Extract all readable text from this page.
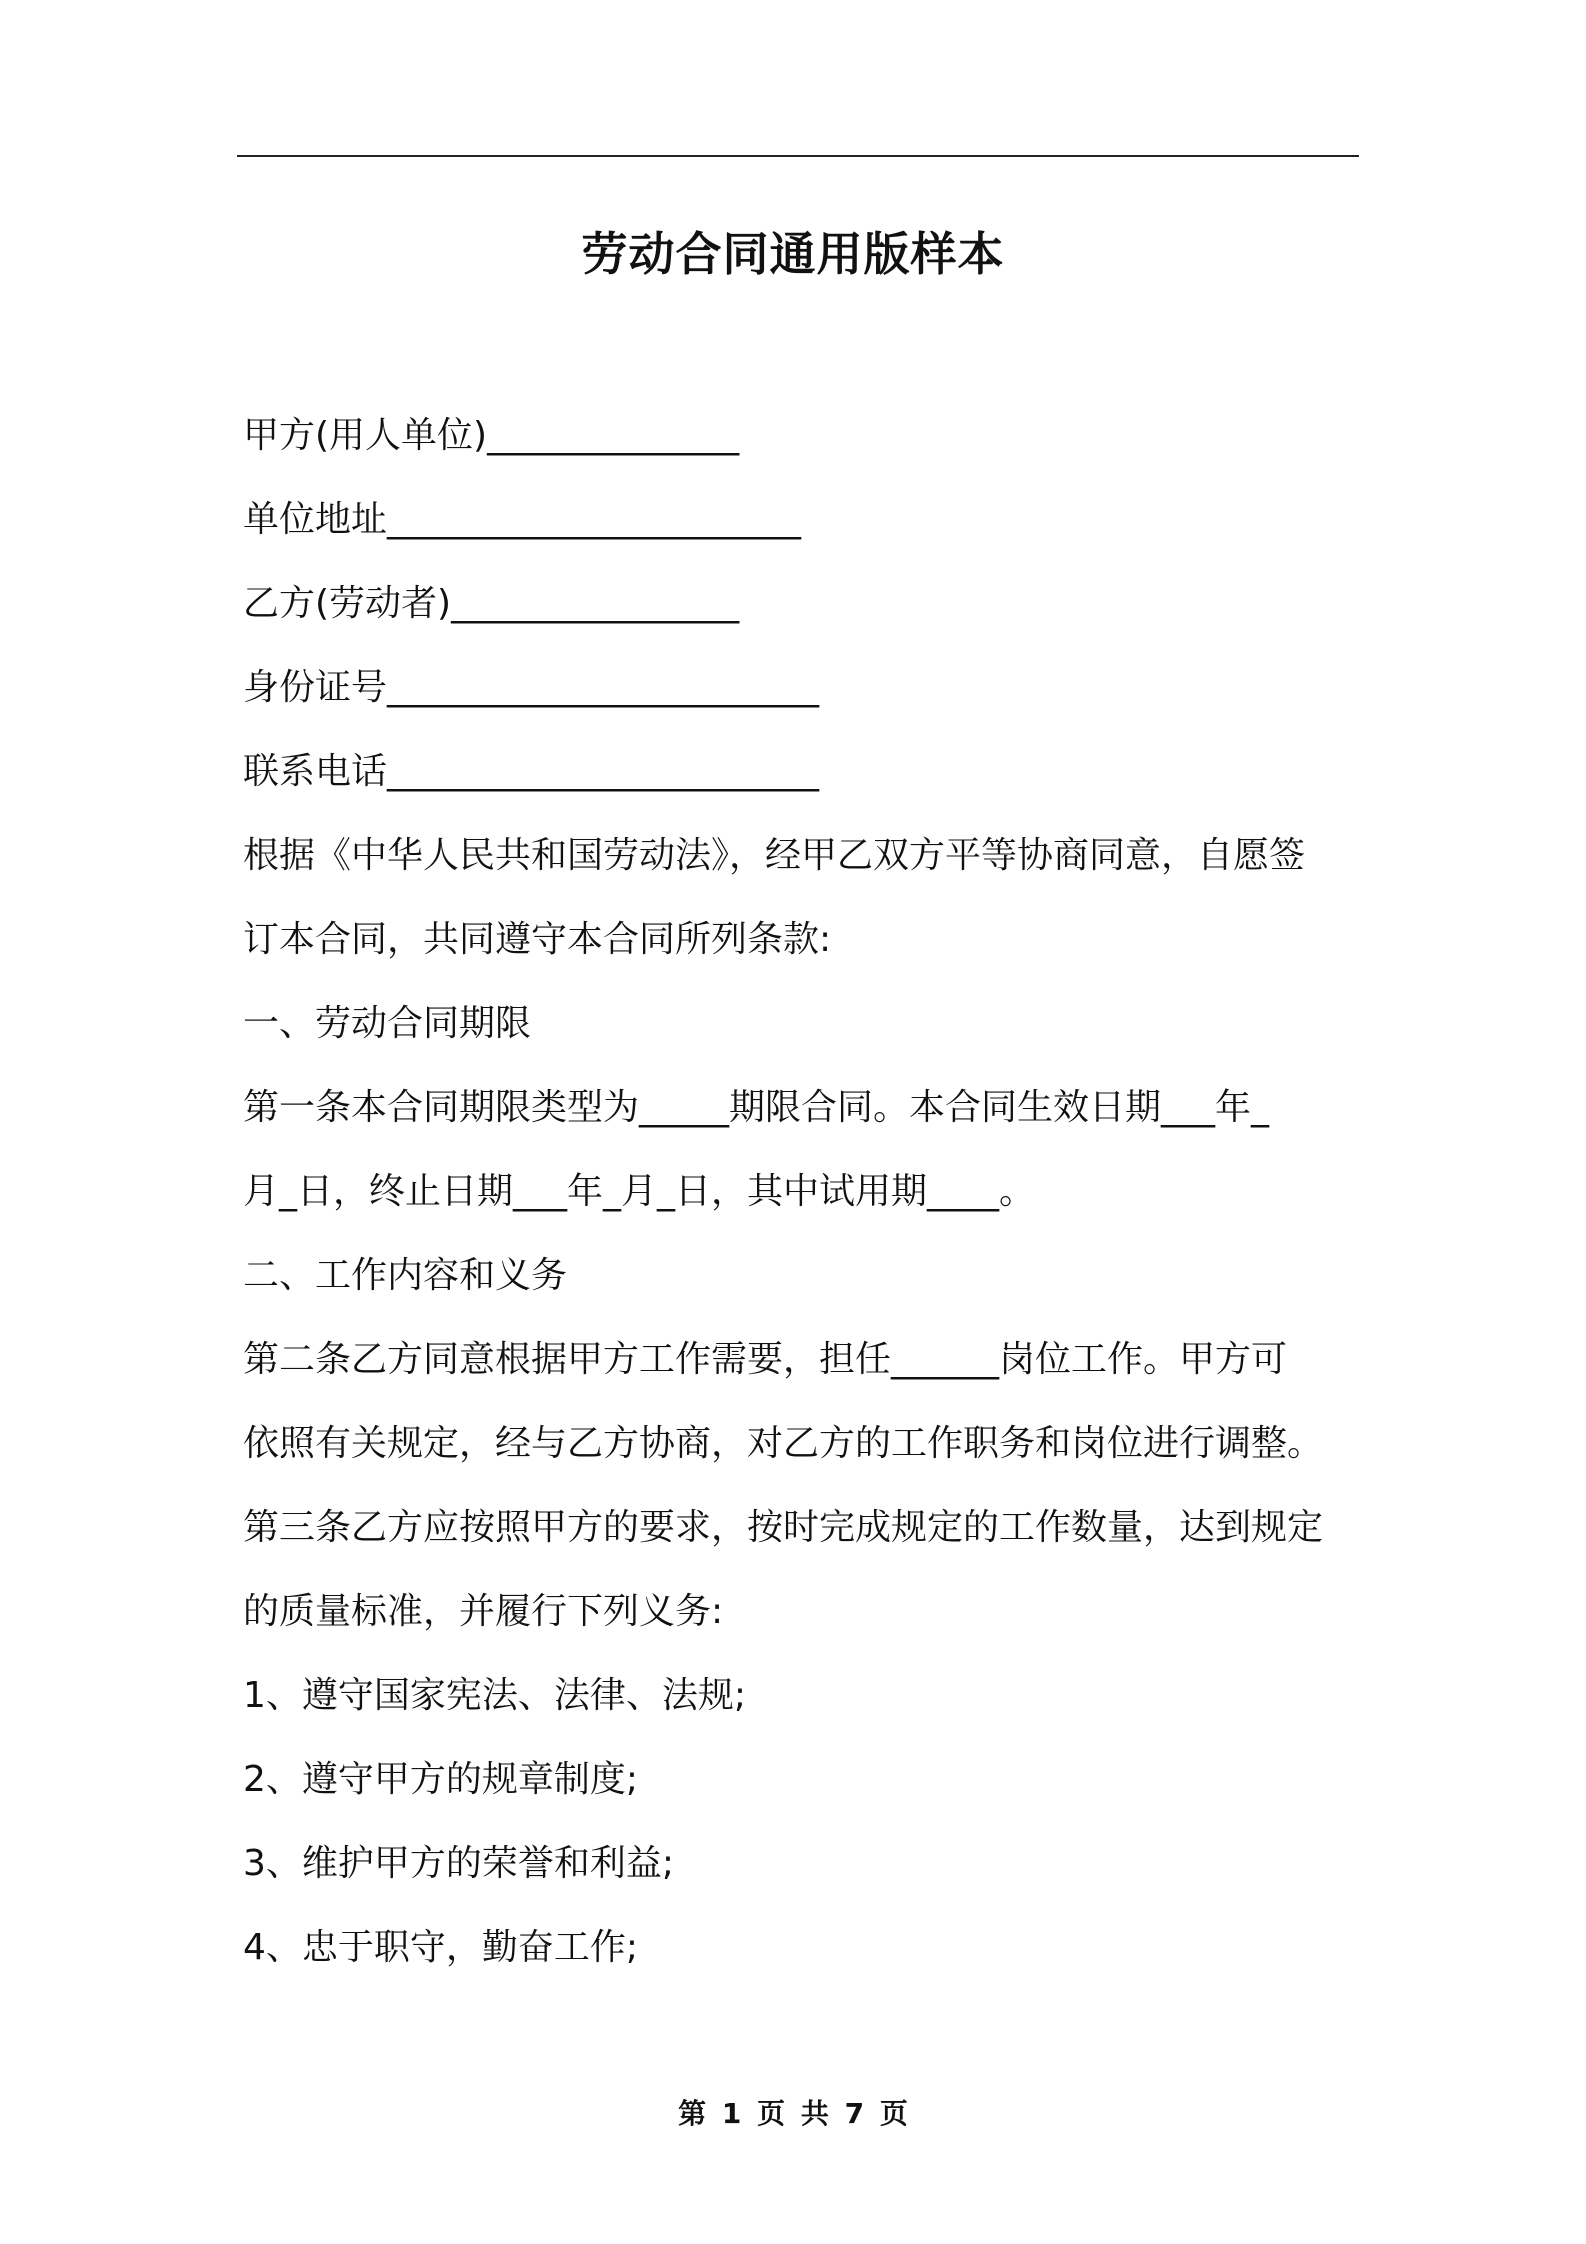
劳动合同通用版样本

甲方(用人单位)______________

单位地址_______________________

乙方(劳动者)________________

身份证号________________________

联系电话________________________

根据《中华人民共和国劳动法》，经甲乙双方平等协商同意，自愿签

订本合同，共同遵守本合同所列条款:

一、劳动合同期限

第一条本合同期限类型为_____期限合同。本合同生效日期___年_

月_日，终止日期___年_月_日，其中试用期____。

二、工作内容和义务

第二条乙方同意根据甲方工作需要，担任______岗位工作。甲方可

依照有关规定，经与乙方协商，对乙方的工作职务和岗位进行调整。

第三条乙方应按照甲方的要求，按时完成规定的工作数量，达到规定

的质量标准，并履行下列义务:

1、遵守国家宪法、法律、法规;

2、遵守甲方的规章制度;

3、维护甲方的荣誉和利益;

4、忠于职守，勤奋工作;

第 1 页 共 7 页
